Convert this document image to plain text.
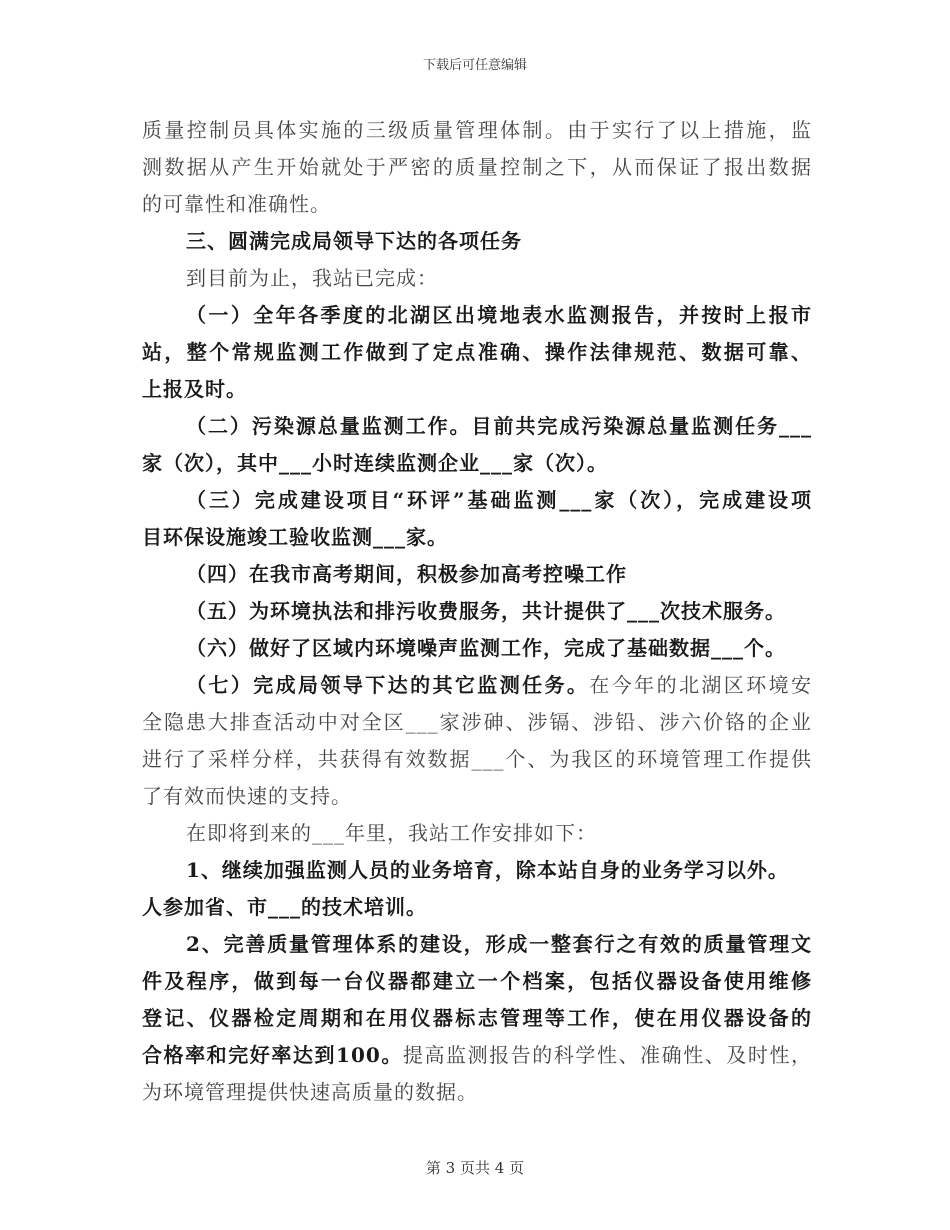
下载后可任意编辑
质量控制员具体实施的三级质量管理体制。由于实行了以上措施，监
测数据从产生开始就处于严密的质量控制之下，从而保证了报出数据
的可靠性和准确性。
三、圆满完成局领导下达的各项任务
到目前为止，我站已完成：
（一）全年各季度的北湖区出境地表水监测报告，并按时上报市
站，整个常规监测工作做到了定点准确、操作法律规范、数据可靠、
上报及时。
（二）污染源总量监测工作。目前共完成污染源总量监测任务___
家（次），其中___小时连续监测企业___家（次）。
（三）完成建设项目“环评”基础监测___家（次），完成建设项
目环保设施竣工验收监测___家。
（四）在我市高考期间，积极参加高考控噪工作
（五）为环境执法和排污收费服务，共计提供了___次技术服务。
（六）做好了区域内环境噪声监测工作，完成了基础数据___个。
（七）完成局领导下达的其它监测任务。在今年的北湖区环境安
全隐患大排查活动中对全区___家涉砷、涉镉、涉铅、涉六价铬的企业
进行了采样分样，共获得有效数据___个、为我区的环境管理工作提供
了有效而快速的支持。
在即将到来的___年里，我站工作安排如下：
1、继续加强监测人员的业务培育，除本站自身的业务学习以外。
人参加省、市___的技术培训。
2、完善质量管理体系的建设，形成一整套行之有效的质量管理文
件及程序，做到每一台仪器都建立一个档案，包括仪器设备使用维修
登记、仪器检定周期和在用仪器标志管理等工作，使在用仪器设备的
合格率和完好率达到100。提高监测报告的科学性、准确性、及时性，
为环境管理提供快速高质量的数据。
第 3 页共 4 页
